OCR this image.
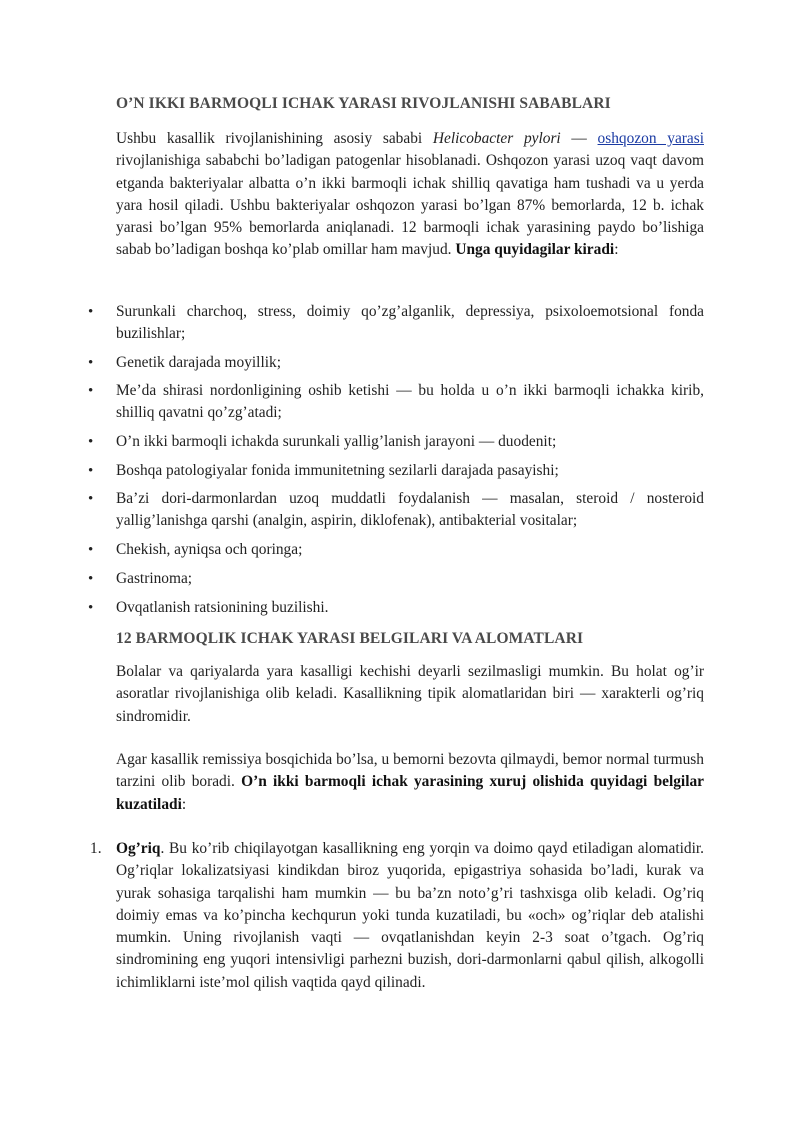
O’N IKKI BARMOQLI ICHAK YARASI RIVOJLANISHI SABABLARI

Ushbu kasallik rivojlanishining asosiy sababi Helicobacter pylori — oshqozon yarasi rivojlanishiga sababchi bo’ladigan patogenlar hisoblanadi. Oshqozon yarasi uzoq vaqt davom etganda bakteriyalar albatta o’n ikki barmoqli ichak shilliq qavatiga ham tushadi va u yerda yara hosil qiladi. Ushbu bakteriyalar oshqozon yarasi bo’lgan 87% bemorlarda, 12 b. ichak yarasi bo’lgan 95% bemorlarda aniqlanadi. 12 barmoqli ichak yarasining paydo bo’lishiga sabab bo’ladigan boshqa ko’plab omillar ham mavjud. Unga quyidagilar kiradi:

• Surunkali charchoq, stress, doimiy qo’zg’alganlik, depressiya, psixoloemotsional fonda buzilishlar;

• Genetik darajada moyillik;

• Me’da shirasi nordonligining oshib ketishi — bu holda u o’n ikki barmoqli ichakka kirib, shilliq qavatni qo’zg’atadi;

• O’n ikki barmoqli ichakda surunkali yallig’lanish jarayoni — duodenit;

• Boshqa patologiyalar fonida immunitetning sezilarli darajada pasayishi;

• Ba’zi dori-darmonlardan uzoq muddatli foydalanish — masalan, steroid / nosteroid yallig’lanishga qarshi (analgin, aspirin, diklofenak), antibakterial vositalar;

• Chekish, ayniqsa och qoringa;

• Gastrinoma;

• Ovqatlanish ratsionining buzilishi.

12 BARMOQLIK ICHAK YARASI BELGILARI VA ALOMATLARI

Bolalar va qariyalarda yara kasalligi kechishi deyarli sezilmasligi mumkin. Bu holat og’ir asoratlar rivojlanishiga olib keladi. Kasallikning tipik alomatlaridan biri — xarakterli og’riq sindromidir.

Agar kasallik remissiya bosqichida bo’lsa, u bemorni bezovta qilmaydi, bemor normal turmush tarzini olib boradi. O’n ikki barmoqli ichak yarasining xuruj olishida quyidagi belgilar kuzatiladi:

1. Og’riq. Bu ko’rib chiqilayotgan kasallikning eng yorqin va doimo qayd etiladigan alomatidir. Og’riqlar lokalizatsiyasi kindikdan biroz yuqorida, epigastriya sohasida bo’ladi, kurak va yurak sohasiga tarqalishi ham mumkin — bu ba’zn noto’g’ri tashxisga olib keladi. Og’riq doimiy emas va ko’pincha kechqurun yoki tunda kuzatiladi, bu «och» og’riqlar deb atalishi mumkin. Uning rivojlanish vaqti — ovqatlanishdan keyin 2-3 soat o’tgach. Og’riq sindromining eng yuqori intensivligi parhezni buzish, dori-darmonlarni qabul qilish, alkogolli ichimliklarni iste’mol qilish vaqtida qayd qilinadi.
